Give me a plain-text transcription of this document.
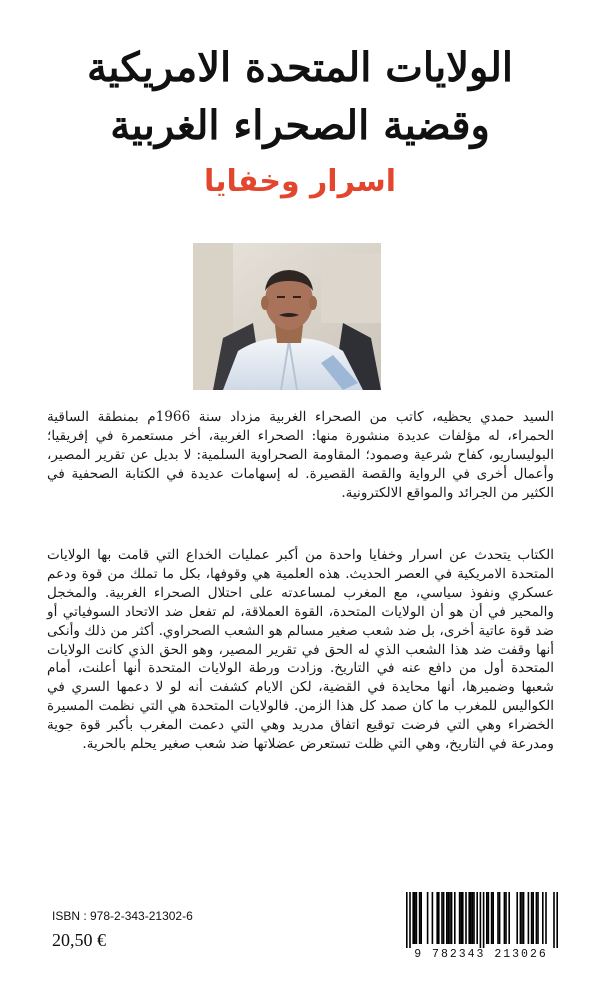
الولايات المتحدة الامريكية
وقضية الصحراء الغربية
اسرار وخفايا

السيد حمدي يحظيه، كاتب من الصحراء الغربية مزداد سنة 1966م بمنطقة الساقية الحمراء، له مؤلفات عديدة منشورة منها: الصحراء الغربية، أخر مستعمرة في إفريقيا؛ البوليساريو، كفاح شرعية وصمود؛ المقاومة الصحراوية السلمية: لا بديل عن تقرير المصير، وأعمال أخرى في الرواية والقصة القصيرة. له إسهامات عديدة في الكتابة الصحفية في الكثير من الجرائد والمواقع الالكترونية.

الكتاب يتحدث عن اسرار وخفايا واحدة من أكبر عمليات الخداع التي قامت بها الولايات المتحدة الامريكية في العصر الحديث. هذه العلمية هي وقوفها، بكل ما تملك من قوة ودعم عسكري ونفوذ سياسي، مع المغرب لمساعدته على احتلال الصحراء الغربية. والمخجل والمحير في أن هو أن الولايات المتحدة، القوة العملاقة، لم تفعل ضد الاتحاد السوفياتي أو ضد قوة عاتية أخرى، بل ضد شعب صغير مسالم هو الشعب الصحراوي. أكثر من ذلك وأنكى أنها وقفت ضد هذا الشعب الذي له الحق في تقرير المصير، وهو الحق الذي كانت الولايات المتحدة أول من دافع عنه في التاريخ. وزادت ورطة الولايات المتحدة أنها أعلنت، أمام شعبها وضميرها، أنها محايدة في القضية، لكن الايام كشفت أنه لو لا دعمها السري في الكواليس للمغرب ما كان صمد كل هذا الزمن. فالولايات المتحدة هي التي نظمت المسيرة الخضراء وهي التي فرضت توقيع اتفاق مدريد وهي التي دعمت المغرب بأكبر قوة جوية ومدرعة في التاريخ، وهي التي ظلت تستعرض عضلاتها ضد شعب صغير يحلم بالحرية.

ISBN : 978-2-343-21302-6
20,50 €
9 782343 213026
